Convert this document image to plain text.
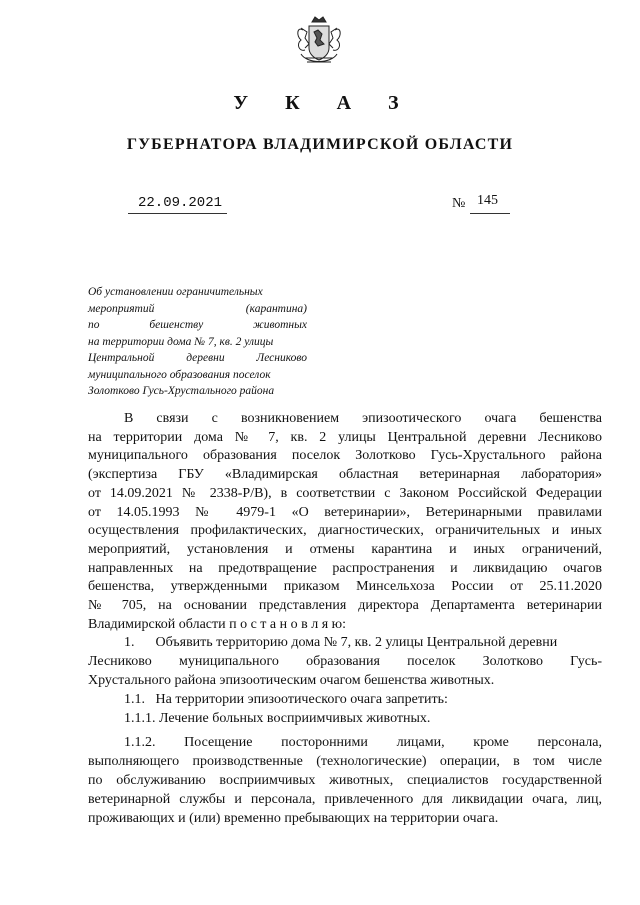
У К А З
ГУБЕРНАТОРА ВЛАДИМИРСКОЙ ОБЛАСТИ
22.09.2021	№ 145
Об установлении ограничительных
мероприятий (карантина)
по бешенству животных
на территории дома № 7, кв. 2 улицы
Центральной деревни Лесниково
муниципального образования поселок
Золотково Гусь-Хрустального района
В связи с возникновением эпизоотического очага бешенства
на территории дома № 7, кв. 2 улицы Центральной деревни Лесниково
муниципального образования поселок Золотково Гусь-Хрустального района
(экспертиза ГБУ «Владимирская областная ветеринарная лаборатория»
от 14.09.2021 № 2338-Р/В), в соответствии с Законом Российской Федерации
от 14.05.1993 № 4979-1 «О ветеринарии», Ветеринарными правилами
осуществления профилактических, диагностических, ограничительных и иных
мероприятий, установления и отмены карантина и иных ограничений,
направленных на предотвращение распространения и ликвидацию очагов
бешенства, утвержденными приказом Минсельхоза России от 25.11.2020
№ 705, на основании представления директора Департамента ветеринарии
Владимирской области п о с т а н о в л я ю:
1.      Объявить территорию дома № 7, кв. 2 улицы Центральной деревни
Лесниково муниципального образования поселок Золотково Гусь-
Хрустального района эпизоотическим очагом бешенства животных.
1.1.   На территории эпизоотического очага запретить:
1.1.1. Лечение больных восприимчивых животных.
1.1.2. Посещение посторонними лицами, кроме персонала,
выполняющего производственные (технологические) операции, в том числе
по обслуживанию восприимчивых животных, специалистов государственной
ветеринарной службы и персонала, привлеченного для ликвидации очага, лиц,
проживающих и (или) временно пребывающих на территории очага.
